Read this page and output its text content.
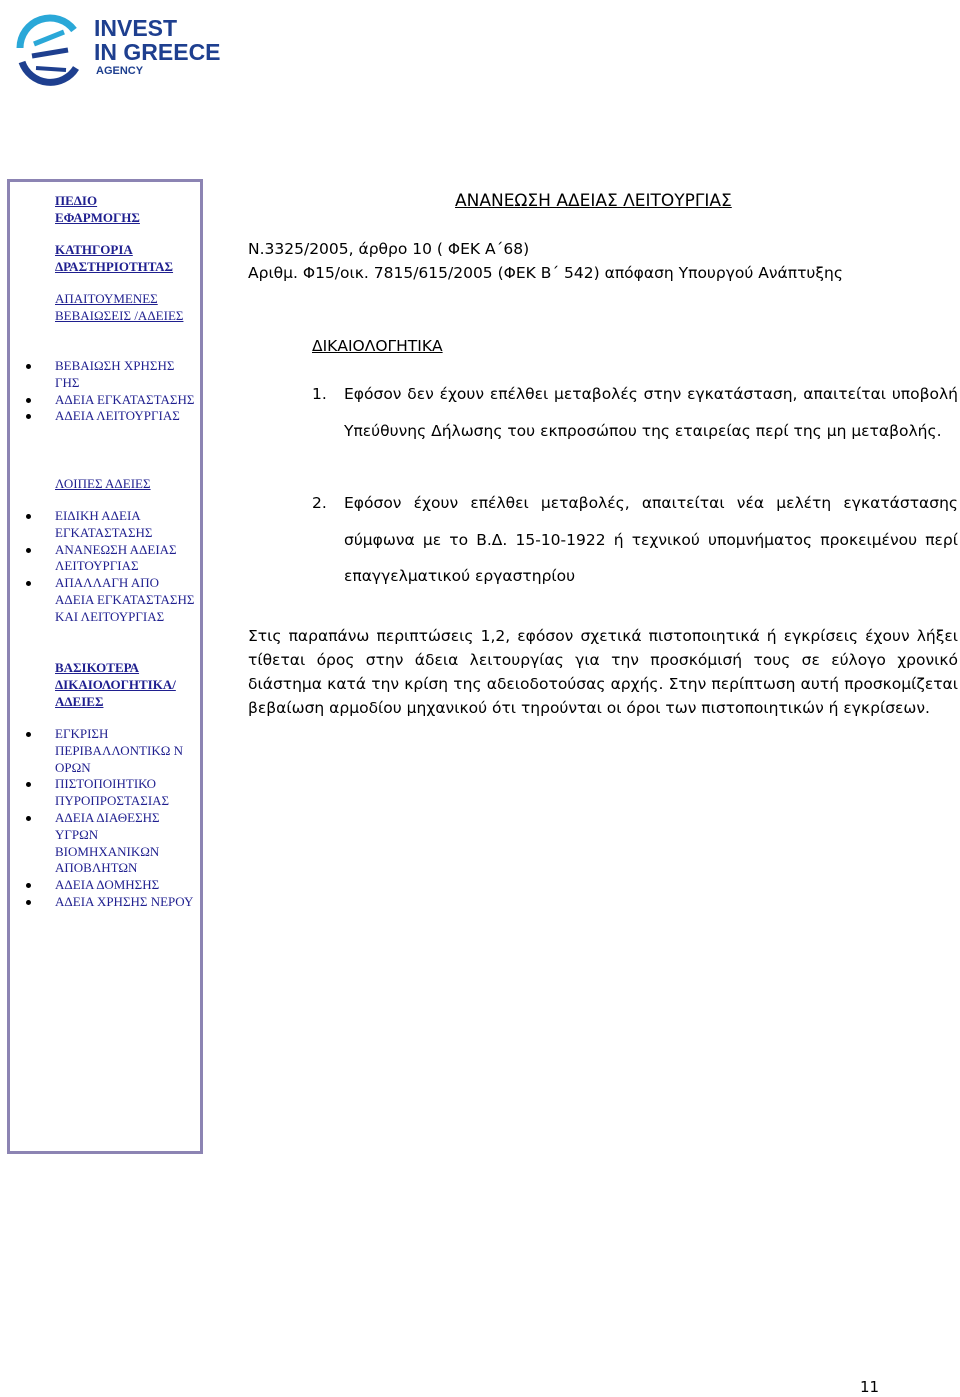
INVEST
IN GREECE
AGENCY
ΠΕΔΙΟ ΕΦΑΡΜΟΓΗΣ
ΚΑΤΗΓΟΡΙΑ ΔΡΑΣΤΗΡΙΟΤΗΤΑΣ
ΑΠΑΙΤΟΥΜΕΝΕΣ ΒΕΒΑΙΩΣΕΙΣ /ΑΔΕΙΕΣ
ΒΕΒΑΙΩΣΗ ΧΡΗΣΗΣ ΓΗΣ
ΑΔΕΙΑ ΕΓΚΑΤΑΣΤΑΣΗΣ
ΑΔΕΙΑ ΛΕΙΤΟΥΡΓΙΑΣ
ΛΟΙΠΕΣ ΑΔΕΙΕΣ
ΕΙΔΙΚΗ ΑΔΕΙΑ ΕΓΚΑΤΑΣΤΑΣΗΣ
ΑΝΑΝΕΩΣΗ ΑΔΕΙΑΣ ΛΕΙΤΟΥΡΓΙΑΣ
ΑΠΑΛΛΑΓΗ ΑΠΟ ΑΔΕΙΑ ΕΓΚΑΤΑΣΤΑΣΗΣ ΚΑΙ ΛΕΙΤΟΥΡΓΙΑΣ
ΒΑΣΙΚΟΤΕΡΑ ΔΙΚΑΙΟΛΟΓΗΤΙΚΑ/ ΑΔΕΙΕΣ
ΕΓΚΡΙΣΗ ΠΕΡΙΒΑΛΛΟΝΤΙΚΩ Ν ΟΡΩΝ
ΠΙΣΤΟΠΟΙΗΤΙΚΟ ΠΥΡΟΠΡΟΣΤΑΣΙΑΣ
ΑΔΕΙΑ ΔΙΑΘΕΣΗΣ ΥΓΡΩΝ ΒΙΟΜΗΧΑΝΙΚΩΝ ΑΠΟΒΛΗΤΩΝ
ΑΔΕΙΑ ΔΟΜΗΣΗΣ
ΑΔΕΙΑ ΧΡΗΣΗΣ ΝΕΡΟΥ
ΑΝΑΝΕΩΣΗ ΑΔΕΙΑΣ ΛΕΙΤΟΥΡΓΙΑΣ
Ν.3325/2005, άρθρο 10 ( ΦΕΚ Α΄68)
Αριθμ. Φ15/οικ. 7815/615/2005 (ΦΕΚ Β΄ 542) απόφαση Υπουργού Ανάπτυξης
ΔΙΚΑΙΟΛΟΓΗΤΙΚΑ
1. Εφόσον δεν έχουν επέλθει μεταβολές στην εγκατάσταση, απαιτείται υποβολή Υπεύθυνης Δήλωσης του εκπροσώπου της εταιρείας περί της μη μεταβολής.
2. Εφόσον έχουν επέλθει μεταβολές, απαιτείται νέα μελέτη εγκατάστασης σύμφωνα με το Β.Δ. 15-10-1922 ή τεχνικού υπομνήματος προκειμένου περί επαγγελματικού εργαστηρίου
Στις παραπάνω περιπτώσεις 1,2, εφόσον σχετικά πιστοποιητικά ή εγκρίσεις έχουν λήξει τίθεται όρος στην άδεια λειτουργίας για την προσκόμισή τους σε εύλογο χρονικό διάστημα κατά την κρίση της αδειοδοτούσας αρχής. Στην περίπτωση αυτή προσκομίζεται βεβαίωση αρμοδίου μηχανικού ότι τηρούνται οι όροι των πιστοποιητικών ή εγκρίσεων.
11
